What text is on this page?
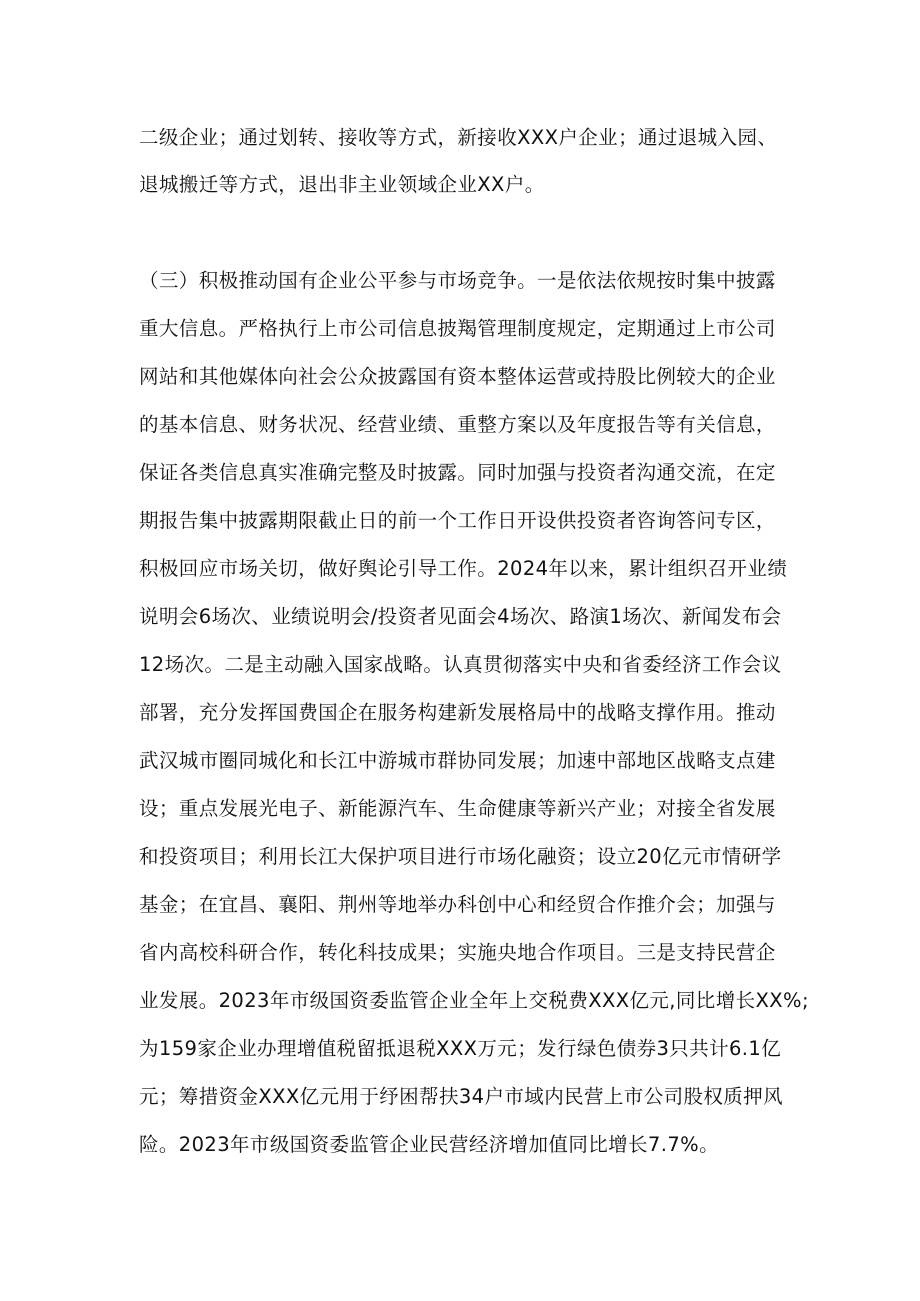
二级企业；通过划转、接收等方式，新接收XXX户企业；通过退城入园、
退城搬迁等方式，退出非主业领域企业XX户。
（三）积极推动国有企业公平参与市场竞争。一是依法依规按时集中披露
重大信息。严格执行上市公司信息披羯管理制度规定，定期通过上市公司
网站和其他媒体向社会公众披露国有资本整体运营或持股比例较大的企业
的基本信息、财务状况、经营业绩、重整方案以及年度报告等有关信息，
保证各类信息真实准确完整及时披露。同时加强与投资者沟通交流，在定
期报告集中披露期限截止日的前一个工作日开设供投资者咨询答问专区，
积极回应市场关切，做好舆论引导工作。2024年以来，累计组织召开业绩
说明会6场次、业绩说明会/投资者见面会4场次、路演1场次、新闻发布会
12场次。二是主动融入国家战略。认真贯彻落实中央和省委经济工作会议
部署，充分发挥国费国企在服务构建新发展格局中的战略支撑作用。推动
武汉城市圈同城化和长江中游城市群协同发展；加速中部地区战略支点建
设；重点发展光电子、新能源汽车、生命健康等新兴产业；对接全省发展
和投资项目；利用长江大保护项目进行市场化融资；设立20亿元市情研学
基金；在宜昌、襄阳、荆州等地举办科创中心和经贸合作推介会；加强与
省内高校科研合作，转化科技成果；实施央地合作项目。三是支持民营企
业发展。2023年市级国资委监管企业全年上交税费XXX亿元,同比增长XX%;
为159家企业办理增值税留抵退税XXX万元；发行绿色债券3只共计6.1亿
元；筹措资金XXX亿元用于纾困帮扶34户市域内民营上市公司股权质押风
险。2023年市级国资委监管企业民营经济增加值同比增长7.7%。
